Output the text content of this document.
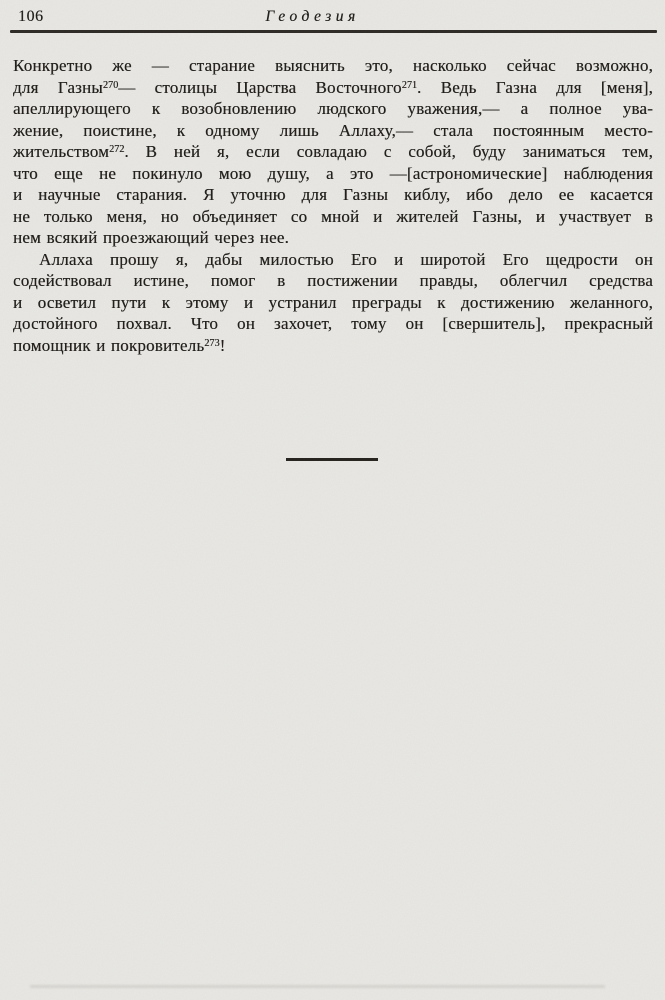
106	Геодезия
Конкретно же — старание выяснить это, насколько сейчас возможно,
для Газны$^{270}$— столицы Царства Восточного$^{271}$. Ведь Газна для [меня],
апеллирующего к возобновлению людского уважения,— а полное ува-
жение, поистине, к одному лишь Аллаху,— стала постоянным место-
жительством$^{272}$. В ней я, если совладаю с собой, буду заниматься тем,
что еще не покинуло мою душу, а это —[астрономические] наблюдения
и научные старания. Я уточню для Газны киблу, ибо дело ее касается
не только меня, но объединяет со мной и жителей Газны, и участвует в
нем всякий проезжающий через нее.
Аллаха прошу я, дабы милостью Его и широтой Его щедрости он
содействовал истине, помог в постижении правды, облегчил средства
и осветил пути к этому и устранил преграды к достижению желанного,
достойного похвал. Что он захочет, тому он [свершитель], прекрасный
помощник и покровитель$^{273}$!
